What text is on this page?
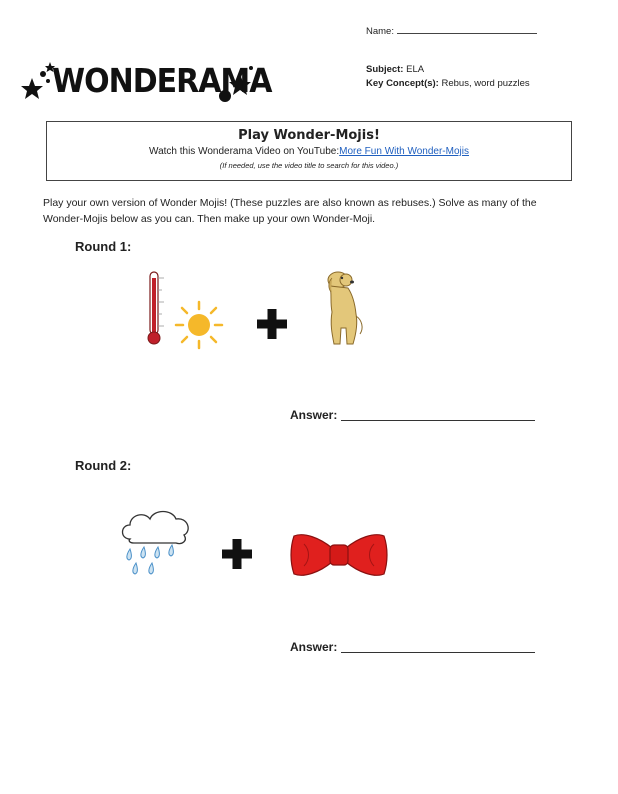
Name:
Subject: ELA
Key Concept(s): Rebus, word puzzles
WONDERAMA
Play Wonder-Mojis!
Watch this Wonderama Video on YouTube:More Fun With Wonder-Mojis
(If needed, use the video title to search for this video.)
Play your own version of Wonder Mojis! (These puzzles are also known as rebuses.) Solve as many of the
Wonder-Mojis below as you can. Then make up your own Wonder-Moji.
Round 1:
Answer:
Round 2:
Answer:
